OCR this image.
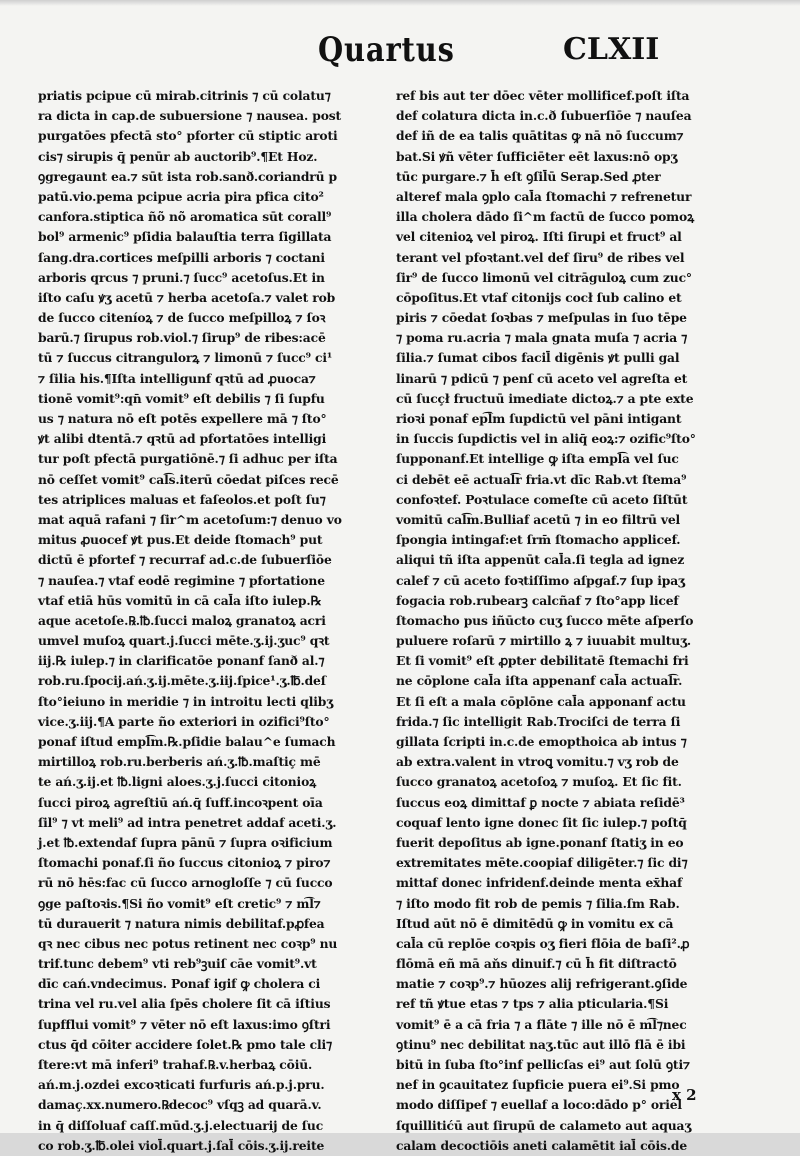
Quartus	CLXII
priatis pcipue cū mirab.citrinis ⁊ cū colatu⁊
ra dicta in cap.de subuersione ⁊ nausea. post
purgatōes pfectā sto° pforter cū stiptic aroti
cis⁊ sirupis q̄ penūr ab auctorib⁹.¶Et Hoz.
ꝯgregaunt ea.⁊ sūt ista rob.sanð.coriandrū p
patū.vio.pema pcipue acria pira pfica cito²
canfora.stiptica ñõ nõ aromatica sūt corall⁹
bol⁹ armenic⁹ pſidia balauſtia terra ſigillata
ſang.dra.cortices meſpilli arboris ⁊ coctani
arboris qrcus ⁊ pruni.⁊ ſucc⁹ acetoſus.Et in
iſto caſu ꝟʒ acetū ⁊ herba acetoſa.⁊ valet rob
de ſucco citeníoꝝ ⁊ de ſucco meſpilloꝝ ⁊ ſoꝛ
barū.⁊ ſirupus rob.viol.⁊ ſirup⁹ de ribes:acē
tū ⁊ ſuccus citrangulorꝝ ⁊ limonū ⁊ ſucc⁹ ci¹
⁊ ſilia his.¶Iſta intelligunf qꝛtū ad ꝓuoca⁊
tionē vomit⁹:qn̄ vomit⁹ eſt debilis ⁊ ſi ſupfu
us ⁊ natura nō eſt potēs expellere mā ⁊ ſto°
ꝟt alibi dtentā.⁊ qꝛtū ad pfortatōes intelligi
tur poſt pfectā purgatiōnē.⁊ ſi adhuc per iſta
nō ceſſet vomit⁹ cal͡s.iterū cōedat piſces recē
tes atriplices maluas et faſeolos.et poſt ſu⁊
mat aquā rafani ⁊ ſir^m acetoſum:⁊ denuo vo
mitus ꝓuocef ꝟt pus.Et deide ſtomach⁹ put
dictū ē pfortef ⁊ recurraf ad.c.de ſubuerſiōe
⁊ nauſea.⁊ vtaf eodē regimine ⁊ pfortatione
vtaf etiā hūs vomitū in cā cal̄a iſto iulep.℞
aque acetoſe.℞.℔.ſucci maloꝝ granatoꝝ acri
umvel muſoꝝ quart.j.ſucci mēte.ʒ.ij.ʒuc⁹ qꝛt
iij.℞ iulep.⁊ in clarificatōe ponanf ſanð al.⁊
rob.ru.ſpocij.ań.ʒ.ij.mēte.ʒ.iij.ſpice¹.ʒ.℔.deſ
ſto°ieiuno in meridie ⁊ in introitu lecti qlibʒ
vice.ʒ.iij.¶A parte ño exteriori in ozifici⁹ſto°
ponaf iſtud empl͡m.℞.pſidie balau^e ſumach
mirtilloꝝ rob.ru.berberis ań.ʒ.℔.maſtiç mē
te ań.ʒ.ij.et ℔.ligni aloes.ʒ.j.ſucci citonioꝝ
ſucci piroꝝ agreſtiū ań.q̄ ſuff.incoꝛpent oīa
ſil⁹ ⁊ vt meli⁹ ad intra penetret addaf aceti.ʒ.
j.et ℔.extendaf ſupra pānū ⁊ ſupra oꝛificium
ſtomachi ponaf.ſi ño ſuccus citonioꝝ ⁊ piro⁊
rū nō hēs:fac cū ſucco arnogloſſe ⁊ cū ſucco
ꝯge paſtoꝛis.¶Si ño vomit⁹ eſt cretic⁹ ⁊ m͡l⁊
tū durauerit ⁊ natura nimis debilitaf.pꝓfea
qꝛ nec cibus nec potus retinent nec coꝛp⁹ nu
trif.tunc debem⁹ vti reb⁹ꝫuiſ cāe vomit⁹.vt
dīc cań.vndecimus. Ponaf igif ꝙ cholera ci
trina vel ru.vel alia ſpēs cholere ſit cā iſtius
ſupfflui vomit⁹ ⁊ vēter nō eſt laxus:imo ꝯſtri
ctus q̄d cōiter accidere ſolet.℞ pmo tale cli⁊
ſtere:vt mā inferi⁹ trahaf.℞.v.herbaꝝ cōiū.
ań.m.j.ozdei excoꝛticati furfuris ań.p.j.pru.
damaç.xx.numero.℞decoc⁹ vſqꝫ ad quarā.v.
in q̄ diſſoluaf caſſ.mūd.ʒ.j.electuarij de ſuc
co rob.ʒ.℔.olei viol̄.quart.j.ſal̄ cōis.ʒ.ij.reite
ref bis aut ter dōec vēter mollificef.poſt iſta
def colatura dicta in.c.ð ſubuerſiōe ⁊ nauſea
def iñ de ea talis quātitas ꝙ nā nō ſuccum⁊
bat.Si ꝟñ vēter ſufficiēter eēt laxus:nō opʒ
tūc purgare.⁊ h̄ eſt ꝯſil̄ū Serap.Sed ꝓter
alteref mala ꝯplo cal̄a ſtomachi ⁊ refrenetur
illa cholera dādo ſi^m factū de ſucco pomoꝝ
vel citenioꝝ vel piroꝝ. Iſti ſirupi et fruct⁹ al
terant vel pfoꝛtant.vel def ſiru⁹ de ribes vel
ſir⁹ de ſucco limonū vel citrāguloꝝ cum zuc°
cōpoſitus.Et vtaf citonijs cocł ſub calino et
piris ⁊ cōedat ſoꝛbas ⁊ meſpulas in ſuo tēpe
⁊ poma ru.acria ⁊ mala gnata muſa ⁊ acria ⁊
ſilia.⁊ ſumat cibos facil̄ digēnis ꝟt pulli gal
linarū ⁊ pdicū ⁊ penſ cū aceto vel agreſta et
cū ſucçł fructuū imediate dictoꝝ.⁊ a pte exte
rioꝛi ponaf ep͡l̄m ſupdictū vel pāni intigant
in ſuccis ſupdictis vel in aliq̄ eoꝝ:⁊ ozific⁹ſto°
ſupponanf.Et intellige ꝙ iſta empl͡a vel ſuc
ci debēt eē actual͡r fria.vt dīc Rab.vt ſtema⁹
confoꝛtef. Poꝛtulace comeſte cū aceto ſiſtūt
vomitū cal͡m.Bulliaf acetū ⁊ in eo filtrū vel
ſpongia intingaf:et ſrm̄ ſtomacho applicef.
aliqui tñ iſta appenūt cal̄a.ſi tegla ad ignez
calef ⁊ cū aceto foꝛtiſſimo aſpgaf.⁊ ſup ipaʒ
fogacia rob.rubearꝫ calcñaf ⁊ ſto°app licef
ſtomacho pus iñūcto cuʒ ſucco mēte aſperſo
puluere roſarū ⁊ mirtillo ꝝ ⁊ iuuabit multuʒ.
Et ſi vomit⁹ eſt ꝓpter debilitatē ſtemachi fri
ne cōplone cal̄a iſta appenanf cal̄a actual͡r.
Et ſi eſt a mala cōplōne cal̄a apponanf actu
frida.⁊ ſic intelligit Rab.Trociſci de terra ſi
gillata ſcripti in.c.de emopthoica ab intus ⁊
ab extra.valent in vtroꝗ vomitu.⁊ vʒ rob de
ſucco granatoꝝ acetoſoꝝ ⁊ muſoꝝ. Et ſic fit.
ſuccus eoꝝ dimittaf ꝑ nocte ⁊ abiata reſidē³
coquaf lento igne donec ſit ſic iulep.⁊ poſtq̄
fuerit depoſitus ab igne.ponanf ſtatiʒ in eo
extremitates mēte.coopiaf diligēter.⁊ ſic di⁊
mittaf donec infridenf.deinde menta ex̄haf
⁊ iſto modo fit rob de pemis ⁊ ſilia.ſm Rab.
Iſtud aūt nō ē dimitēdū ꝙ in vomitu ex cā
cal̄a cū replōe coꝛpis oʒ fieri flōia de baſi².ꝓ
flōmā eñ mā aňs dinuif.⁊ cū h̄ fit diſtractō
matie ⁊ coꝛp⁹.⁊ hūozes alij refrigerant.ꝯſide
ref tñ ꝟtue etas ⁊ tps ⁊ alia pticularia.¶Si
vomit⁹ ē a cā fria ⁊ a flāte ⁊ ille nō ē m͡l⁊nec
ꝯtinu⁹ nec debilitat naʒ.tūc aut illō flā ē ibi
bitū in ſuba ſto°inf pellicſas ei⁹ aut ſolū ꝯti⁊
nef in ꝯcauitatez ſupficie puera ei⁹.Si pmo
modo diſſipef ⁊ euellaf a loco:dādo p° oriel
ſquillitićū aut ſirupū de calameto aut aquaʒ
calam decoctiōis aneti calamētit ial̄ cōis.de
x 2
